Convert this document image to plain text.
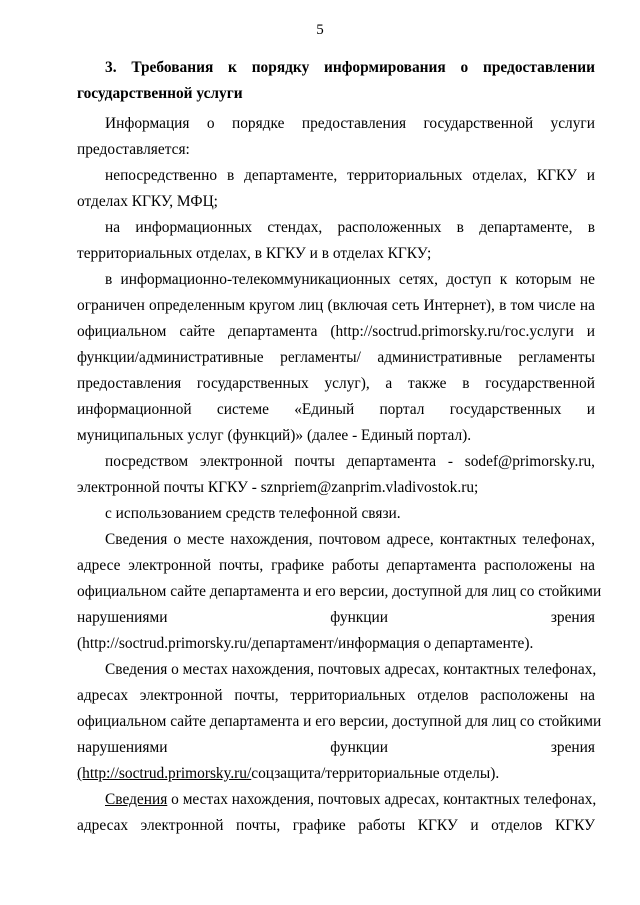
5
3. Требования к порядку информирования о предоставлении
государственной услуги
Информация о порядке предоставления государственной услуги
предоставляется:
непосредственно в департаменте, территориальных отделах, КГКУ и
отделах КГКУ, МФЦ;
на информационных стендах, расположенных в департаменте, в
территориальных отделах, в КГКУ и в отделах КГКУ;
в информационно-телекоммуникационных сетях, доступ к которым не
ограничен определенным кругом лиц (включая сеть Интернет), в том числе на
официальном сайте департамента (http://soctrud.primorsky.ru/гос.услуги и
функции/административные регламенты/ административные регламенты
предоставления государственных услуг), а также в государственной
информационной системе «Единый портал государственных и
муниципальных услуг (функций)» (далее - Единый портал).
посредством электронной почты департамента - sodef@primorsky.ru,
электронной почты КГКУ - sznpriem@zanprim.vladivostok.ru;
с использованием средств телефонной связи.
Сведения о месте нахождения, почтовом адресе, контактных телефонах,
адресе электронной почты, графике работы департамента расположены на
официальном сайте департамента и его версии, доступной для лиц со стойкими
нарушениями	функции	зрения
(http://soctrud.primorsky.ru/департамент/информация о департаменте).
Сведения о местах нахождения, почтовых адресах, контактных телефонах,
адресах электронной почты, территориальных отделов расположены на
официальном сайте департамента и его версии, доступной для лиц со стойкими
нарушениями	функции	зрения
(http://soctrud.primorsky.ru/соцзащита/территориальные отделы).
Сведения о местах нахождения, почтовых адресах, контактных телефонах,
адресах электронной почты, графике работы КГКУ и отделов КГКУ
